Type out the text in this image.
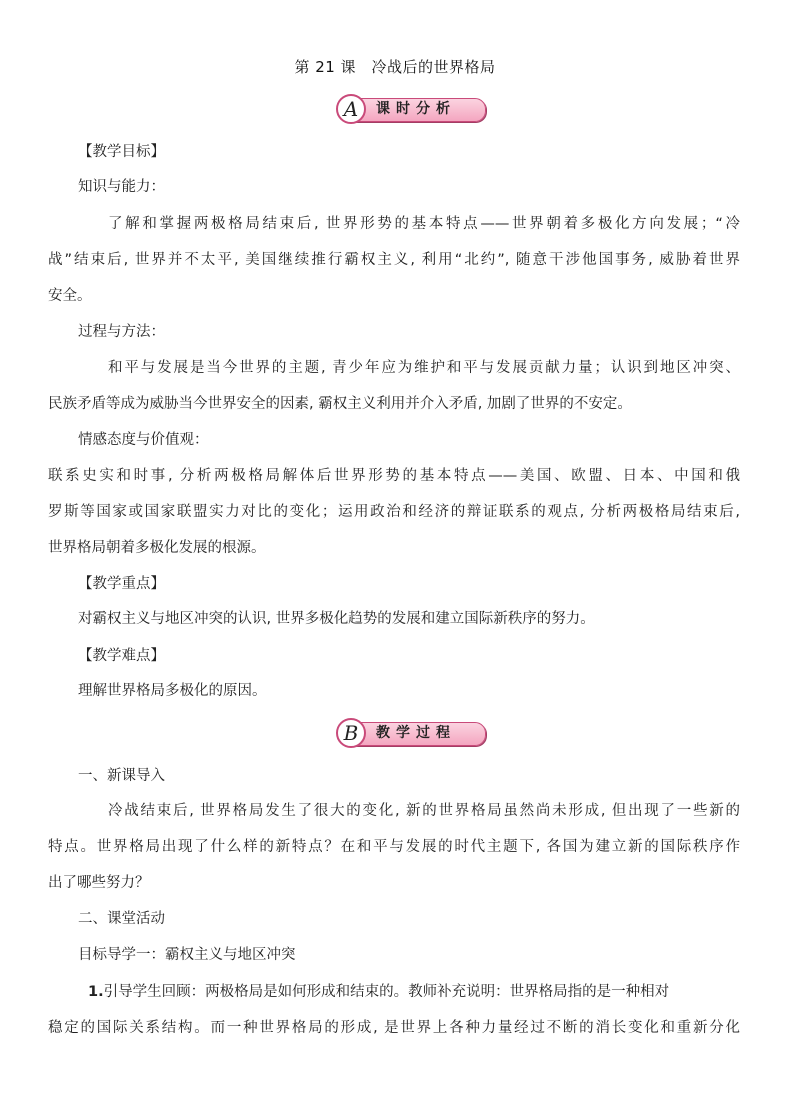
第 21 课　冷战后的世界格局
A	课时分析
【教学目标】
知识与能力：
了解和掌握两极格局结束后, 世界形势的基本特点——世界朝着多极化方向发展；“冷
战”结束后, 世界并不太平, 美国继续推行霸权主义, 利用“北约”, 随意干涉他国事务, 威胁着世界
安全。
过程与方法：
和平与发展是当今世界的主题, 青少年应为维护和平与发展贡献力量；认识到地区冲突、
民族矛盾等成为威胁当今世界安全的因素, 霸权主义利用并介入矛盾, 加剧了世界的不安定。
情感态度与价值观：
联系史实和时事, 分析两极格局解体后世界形势的基本特点——美国、欧盟、日本、中国和俄
罗斯等国家或国家联盟实力对比的变化；运用政治和经济的辩证联系的观点, 分析两极格局结束后,
世界格局朝着多极化发展的根源。
【教学重点】
对霸权主义与地区冲突的认识, 世界多极化趋势的发展和建立国际新秩序的努力。
【教学难点】
理解世界格局多极化的原因。
B	教学过程
一、新课导入
冷战结束后, 世界格局发生了很大的变化, 新的世界格局虽然尚未形成, 但出现了一些新的
特点。世界格局出现了什么样的新特点？在和平与发展的时代主题下, 各国为建立新的国际秩序作
出了哪些努力？
二、课堂活动
目标导学一：霸权主义与地区冲突
1.引导学生回顾：两极格局是如何形成和结束的。教师补充说明：世界格局指的是一种相对
稳定的国际关系结构。而一种世界格局的形成, 是世界上各种力量经过不断的消长变化和重新分化
